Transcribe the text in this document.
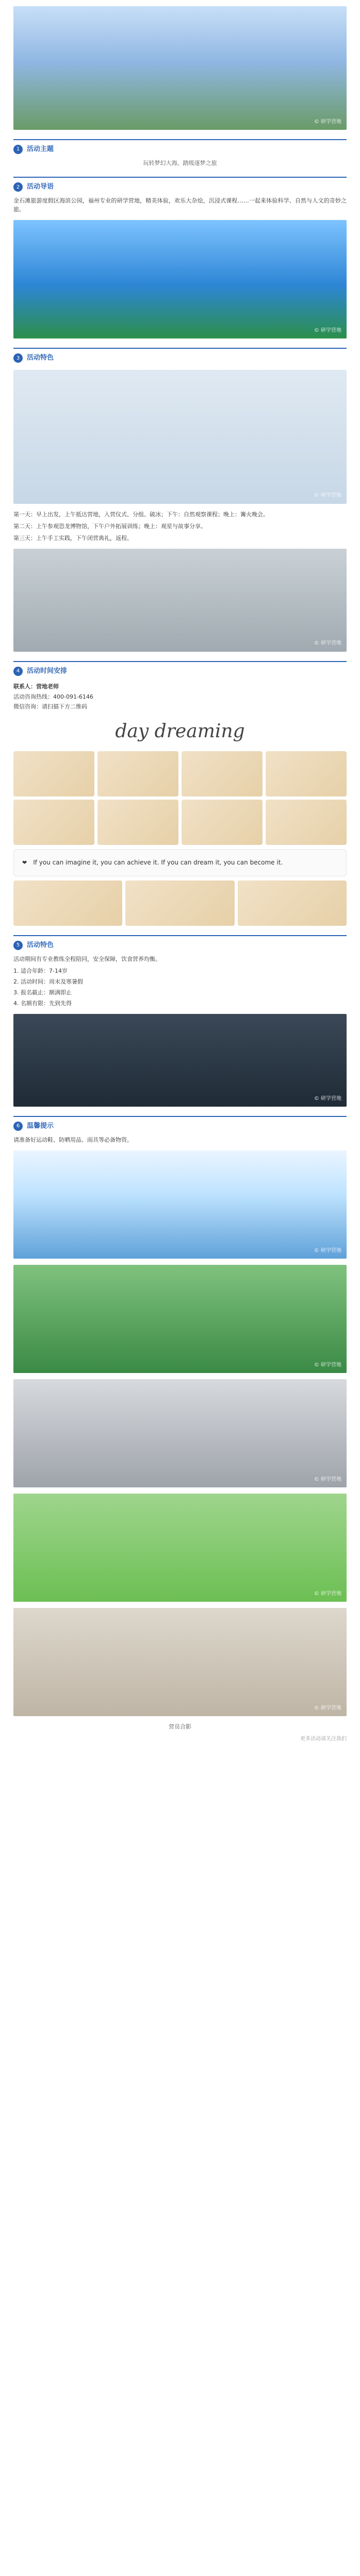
© 研学营地
1	活动主题
玩转梦幻大海，踏级逐梦之旅
2	活动导语

金石滩旅游度假区海滨公园，福州专业的研学营地，精美体验，欢乐大杂烩，沉浸式课程……一起来体验科学、自然与人文的奇妙之旅。

© 研学营地
3	活动特色
© 研学营地

第一天：早上出发，上午抵达营地，入营仪式、分组、破冰；下午：自然观察课程；晚上：篝火晚会。

第二天：上午参观恐龙博物馆，下午户外拓展训练；晚上：观星与故事分享。

第三天：上午手工实践，下午闭营典礼，返程。

© 研学营地
4	活动时间安排
联系人：营地老师
活动咨询热线：400-091-6146
微信咨询：请扫描下方二维码
day dreaming
❤ If you can imagine it, you can achieve it. If you can dream it, you can become it.
5	活动特色

活动期间有专业教练全程陪同，安全保障，饮食营养均衡。

1. 适合年龄：7-14岁
2. 活动时间：周末及寒暑假
3. 报名截止：额满即止
4. 名额有限：先到先得
© 研学营地
6	温馨提示

请准备好运动鞋、防晒用品、雨具等必备物资。

© 研学营地
© 研学营地
© 研学营地
© 研学营地
© 研学营地
营员合影
更多活动请关注我们
